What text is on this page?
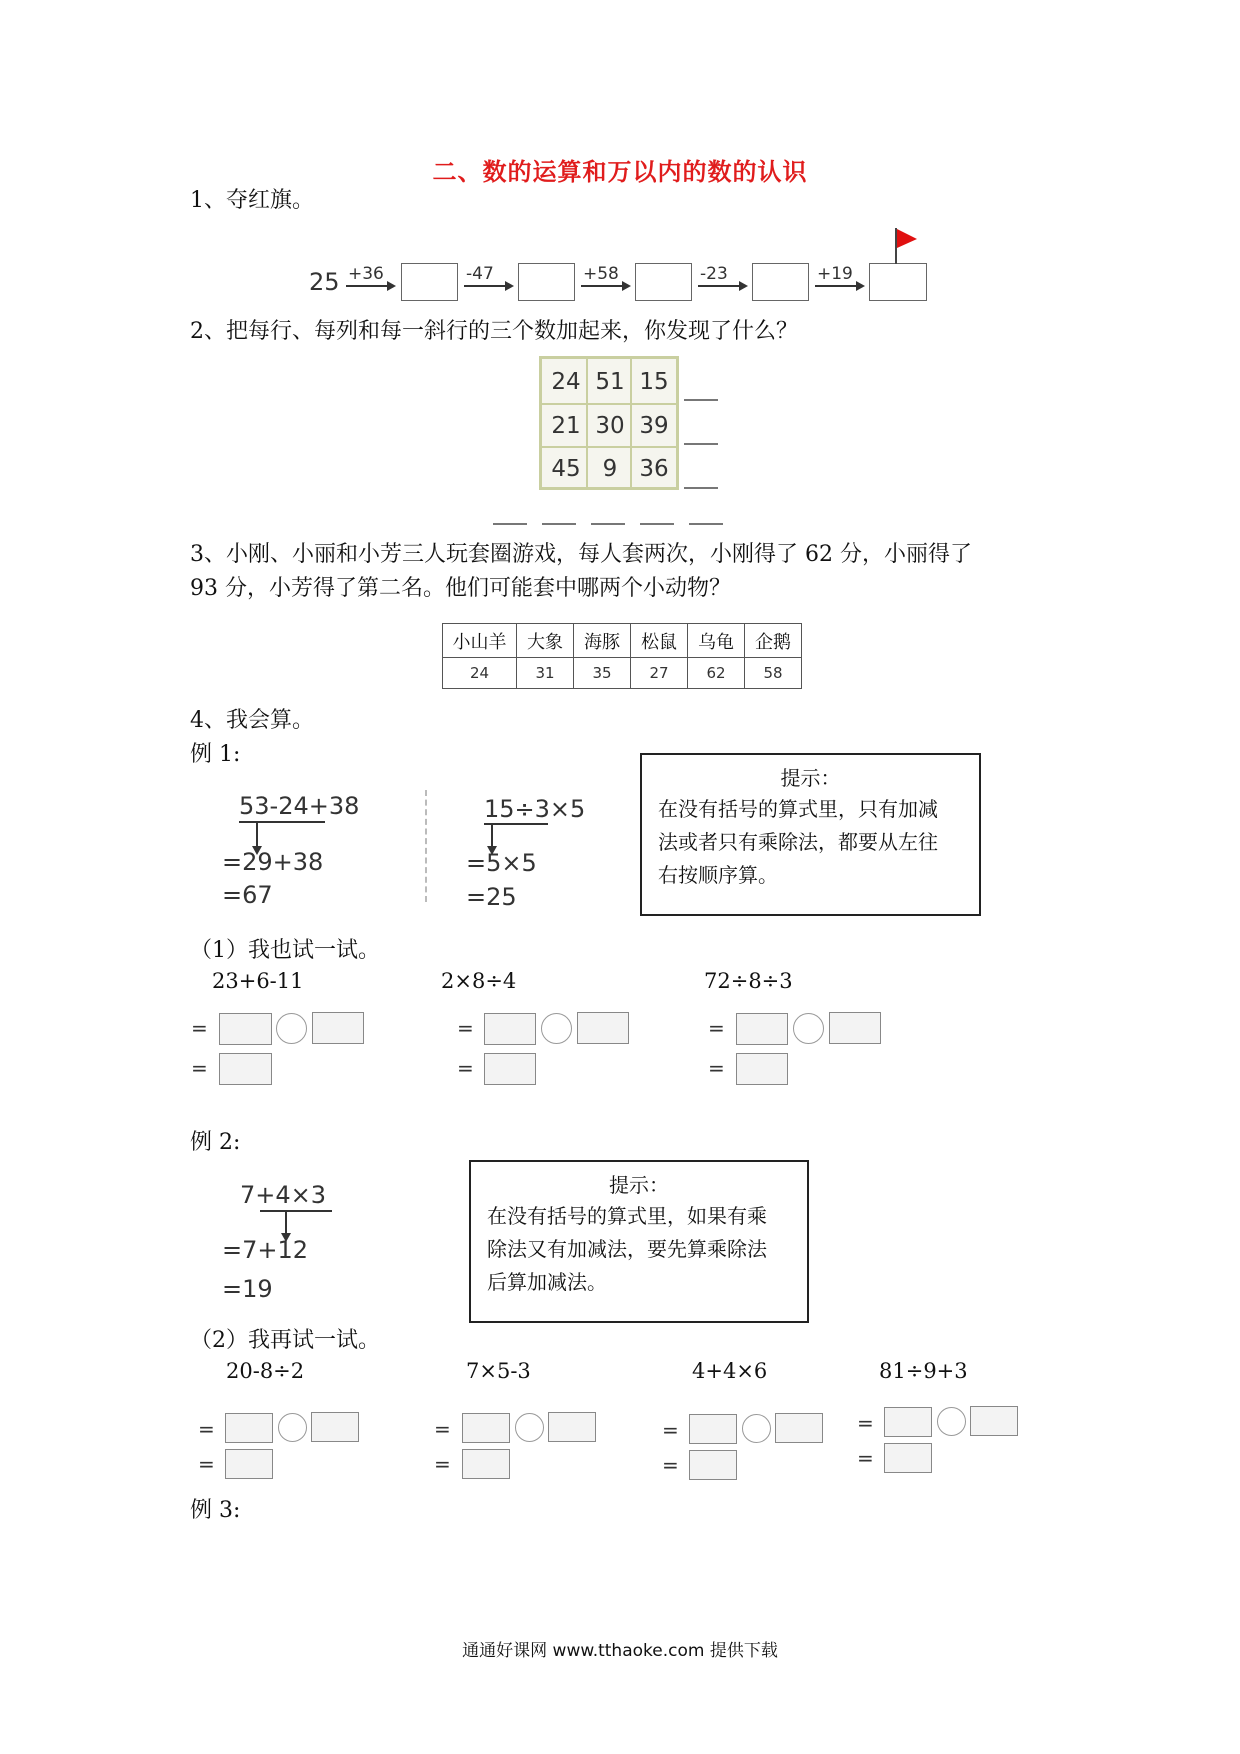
二、数的运算和万以内的数的认识
1、夺红旗。
25 +36	-47	+58	-23	+19
2、把每行、每列和每一斜行的三个数加起来，你发现了什么？
24 51 15
21 30 39
45 9 36
3、小刚、小丽和小芳三人玩套圈游戏，每人套两次，小刚得了 62 分，小丽得了
93 分，小芳得了第二名。他们可能套中哪两个小动物？
小山羊	大象	海豚	松鼠	乌龟	企鹅
24	31	35	27	62	58
4、我会算。
例 1:
53-24+38
=29+38
=67
15÷3×5
=5×5
=25
提示：
在没有括号的算式里，只有加减
法或者只有乘除法，都要从左往
右按顺序算。
（1）我也试一试。
23+6-11	2×8÷4	72÷8÷3
=
=
=
=
=
=
例 2:
7+4×3
=7+12
=19
提示：
在没有括号的算式里，如果有乘
除法又有加减法，要先算乘除法
后算加减法。
（2）我再试一试。
20-8÷2	7×5-3	4+4×6	81÷9+3
=
=
=
=
=
=
=
=
例 3:
通通好课网 www.tthaoke.com 提供下载
